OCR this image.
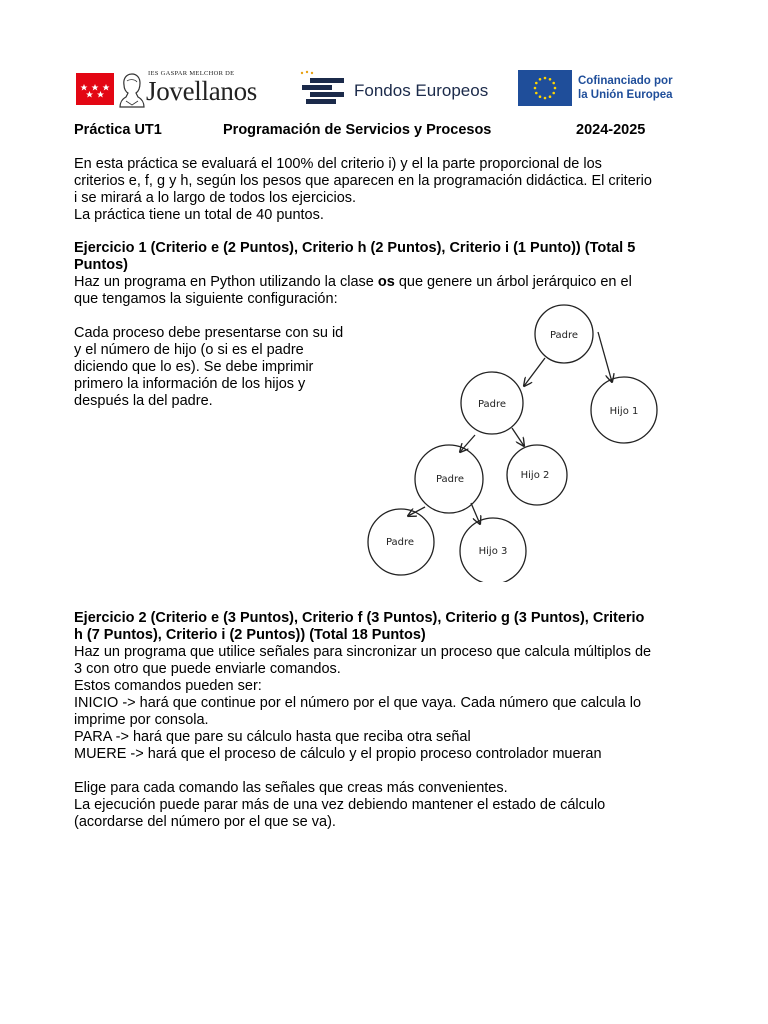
IES GASPAR MELCHOR DE
Jovellanos	Fondos Europeos	Cofinanciado por
la Unión Europea
Práctica UT1	Programación de Servicios y Procesos	2024-2025

En esta práctica se evaluará el 100% del criterio i) y el la parte proporcional de los

criterios e, f, g y h, según los pesos que aparecen en la programación didáctica. El criterio

i se mirará a lo largo de todos los ejercicios.

La práctica tiene un total de 40 puntos.

Ejercicio 1 (Criterio e (2 Puntos), Criterio h (2 Puntos), Criterio i (1 Punto)) (Total 5

Puntos)

Haz un programa en Python utilizando la clase os que genere un árbol jerárquico en el

que tengamos la siguiente configuración:

Cada proceso debe presentarse con su id

y el número de hijo (o si es el padre

diciendo que lo es). Se debe imprimir

primero la información de los hijos y

después la del padre.

Padre
Padre
Hijo 1
Padre	Hijo 2
Padre
Hijo 3

Ejercicio 2 (Criterio e (3 Puntos), Criterio f (3 Puntos), Criterio g (3 Puntos), Criterio

h (7 Puntos), Criterio i (2 Puntos)) (Total 18 Puntos)

Haz un programa que utilice señales para sincronizar un proceso que calcula múltiplos de

3 con otro que puede enviarle comandos.

Estos comandos pueden ser:

INICIO -> hará que continue por el número por el que vaya. Cada número que calcula lo

imprime por consola.

PARA -> hará que pare su cálculo hasta que reciba otra señal

MUERE -> hará que el proceso de cálculo y el propio proceso controlador mueran

Elige para cada comando las señales que creas más convenientes.

La ejecución puede parar más de una vez debiendo mantener el estado de cálculo

(acordarse del número por el que se va).
